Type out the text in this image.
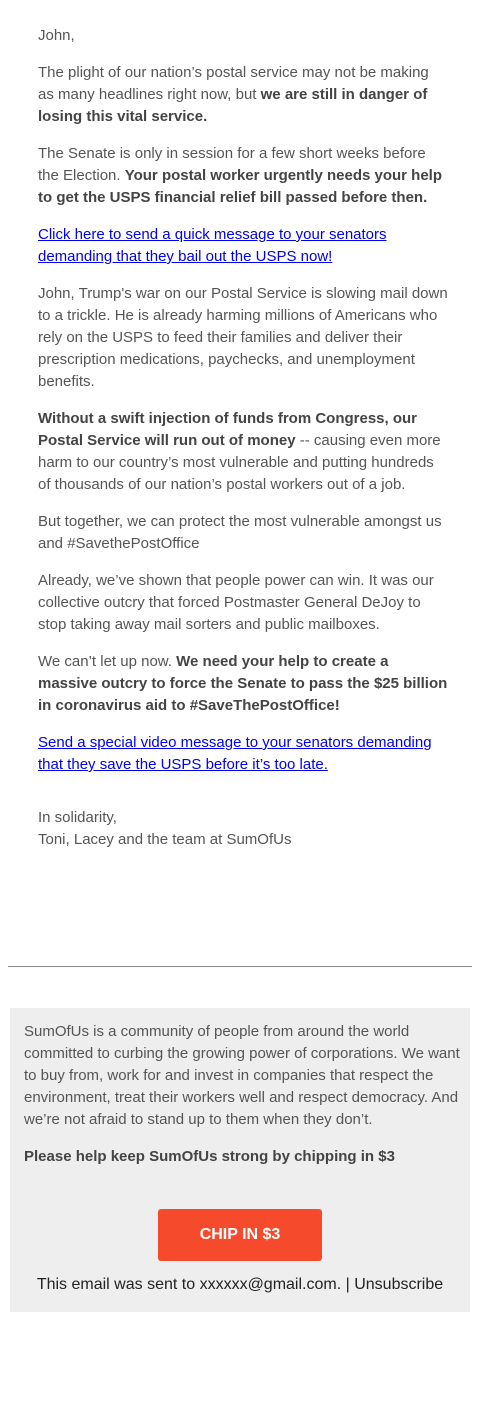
John,

The plight of our nation’s postal service may not be making as many headlines right now, but we are still in danger of losing this vital service.

The Senate is only in session for a few short weeks before the Election. Your postal worker urgently needs your help to get the USPS financial relief bill passed before then.

Click here to send a quick message to your senators demanding that they bail out the USPS now!

John, Trump's war on our Postal Service is slowing mail down to a trickle. He is already harming millions of Americans who rely on the USPS to feed their families and deliver their prescription medications, paychecks, and unemployment benefits.

Without a swift injection of funds from Congress, our Postal Service will run out of money -- causing even more harm to our country’s most vulnerable and putting hundreds of thousands of our nation’s postal workers out of a job.

But together, we can protect the most vulnerable amongst us and #SavethePostOffice

Already, we’ve shown that people power can win. It was our collective outcry that forced Postmaster General DeJoy to stop taking away mail sorters and public mailboxes.

We can’t let up now. We need your help to create a massive outcry to force the Senate to pass the $25 billion in coronavirus aid to #SaveThePostOffice!

Send a special video message to your senators demanding that they save the USPS before it’s too late.

In solidarity,
Toni, Lacey and the team at SumOfUs

SumOfUs is a community of people from around the world committed to curbing the growing power of corporations. We want to buy from, work for and invest in companies that respect the environment, treat their workers well and respect democracy. And we’re not afraid to stand up to them when they don’t.

Please help keep SumOfUs strong by chipping in $3

CHIP IN $3
This email was sent to xxxxxx@gmail.com. | Unsubscribe
